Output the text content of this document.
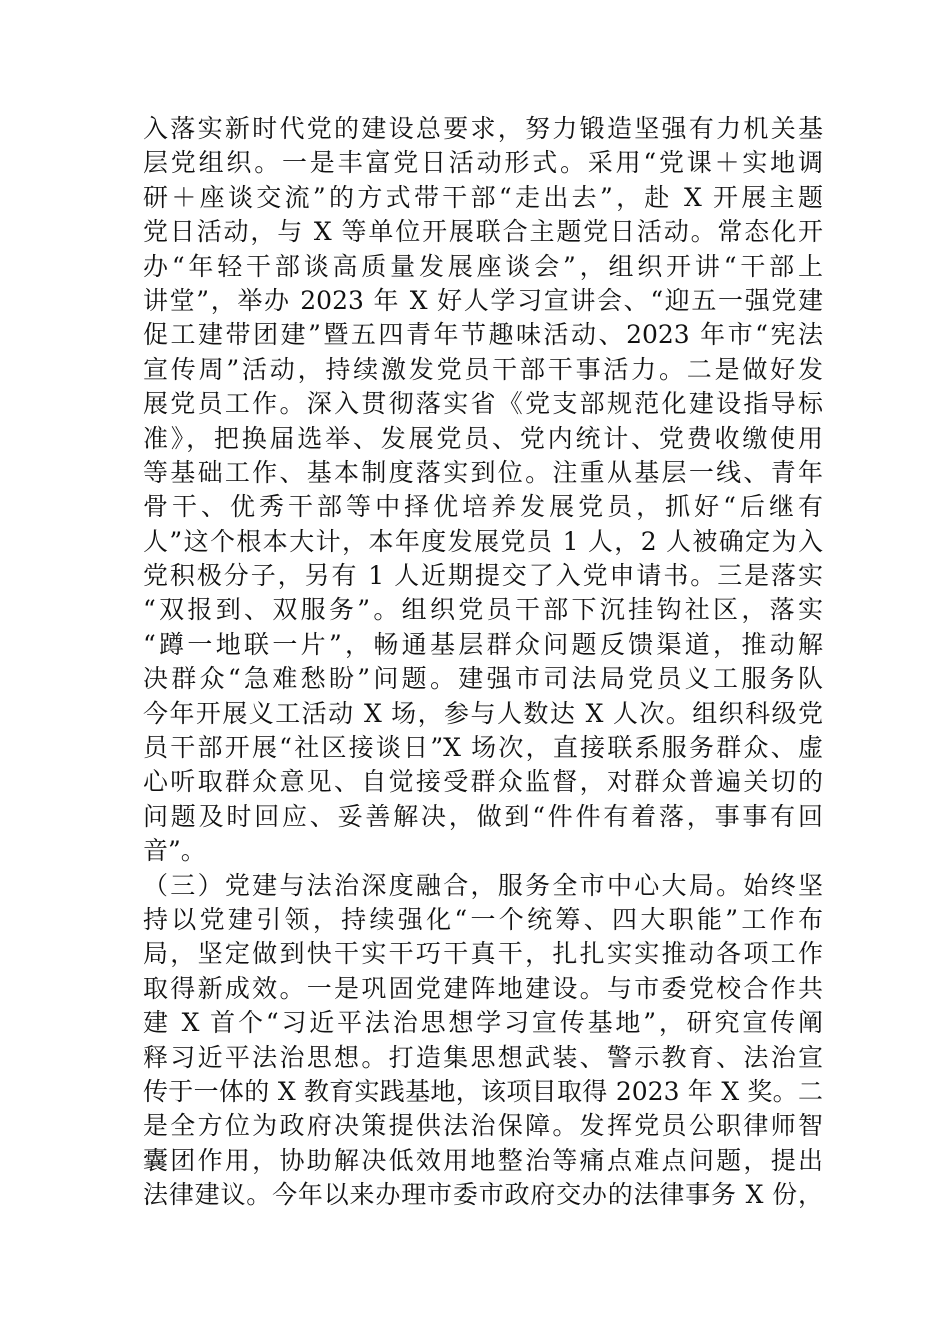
入落实新时代党的建设总要求，努力锻造坚强有力机关基
层党组织。一是丰富党日活动形式。采用“党课＋实地调
研＋座谈交流”的方式带干部“走出去”，赴 X 开展主题
党日活动，与 X 等单位开展联合主题党日活动。常态化开
办“年轻干部谈高质量发展座谈会”，组织开讲“干部上
讲堂”，举办 2023 年 X 好人学习宣讲会、“迎五一强党建
促工建带团建”暨五四青年节趣味活动、2023 年市“宪法
宣传周”活动，持续激发党员干部干事活力。二是做好发
展党员工作。深入贯彻落实省《党支部规范化建设指导标
准》，把换届选举、发展党员、党内统计、党费收缴使用
等基础工作、基本制度落实到位。注重从基层一线、青年
骨干、优秀干部等中择优培养发展党员，抓好“后继有
人”这个根本大计，本年度发展党员 1 人，2 人被确定为入
党积极分子，另有 1 人近期提交了入党申请书。三是落实
“双报到、双服务”。组织党员干部下沉挂钩社区，落实
“蹲一地联一片”，畅通基层群众问题反馈渠道，推动解
决群众“急难愁盼”问题。建强市司法局党员义工服务队
今年开展义工活动 X 场，参与人数达 X 人次。组织科级党
员干部开展“社区接谈日”X 场次，直接联系服务群众、虚
心听取群众意见、自觉接受群众监督，对群众普遍关切的
问题及时回应、妥善解决，做到“件件有着落，事事有回
音”。
（三）党建与法治深度融合，服务全市中心大局。始终坚
持以党建引领，持续强化“一个统筹、四大职能”工作布
局，坚定做到快干实干巧干真干，扎扎实实推动各项工作
取得新成效。一是巩固党建阵地建设。与市委党校合作共
建 X 首个“习近平法治思想学习宣传基地”，研究宣传阐
释习近平法治思想。打造集思想武装、警示教育、法治宣
传于一体的 X 教育实践基地，该项目取得 2023 年 X 奖。二
是全方位为政府决策提供法治保障。发挥党员公职律师智
囊团作用，协助解决低效用地整治等痛点难点问题，提出
法律建议。今年以来办理市委市政府交办的法律事务 X 份，
